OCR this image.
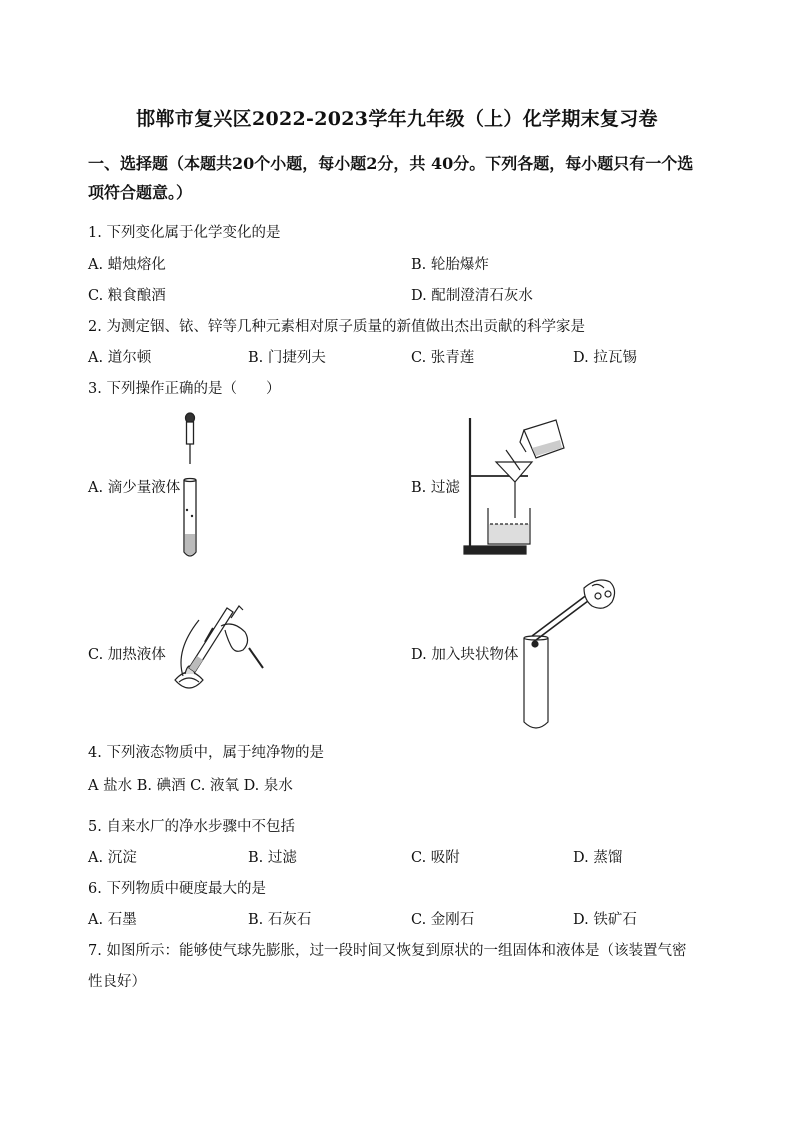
邯郸市复兴区2022-2023学年九年级（上）化学期末复习卷
一、选择题（本题共20个小题，每小题2分，共 40分。下列各题，每小题只有一个选
项符合题意。）
1. 下列变化属于化学变化的是
A. 蜡烛熔化	B. 轮胎爆炸
C. 粮食酿酒	D. 配制澄清石灰水
2. 为测定铟、铱、锌等几种元素相对原子质量的新值做出杰出贡献的科学家是
A. 道尔顿	B. 门捷列夫	C. 张青莲	D. 拉瓦锡
3. 下列操作正确的是（　　）
A. 滴少量液体	B. 过滤
C. 加热液体	D. 加入块状物体
4. 下列液态物质中，属于纯净物的是
A 盐水 B. 碘酒 C. 液氧 D. 泉水
5. 自来水厂的净水步骤中不包括
A. 沉淀	B. 过滤	C. 吸附	D. 蒸馏
6. 下列物质中硬度最大的是
A. 石墨	B. 石灰石	C. 金刚石	D. 铁矿石
7. 如图所示：能够使气球先膨胀，过一段时间又恢复到原状的一组固体和液体是（该装置气密
性良好）
